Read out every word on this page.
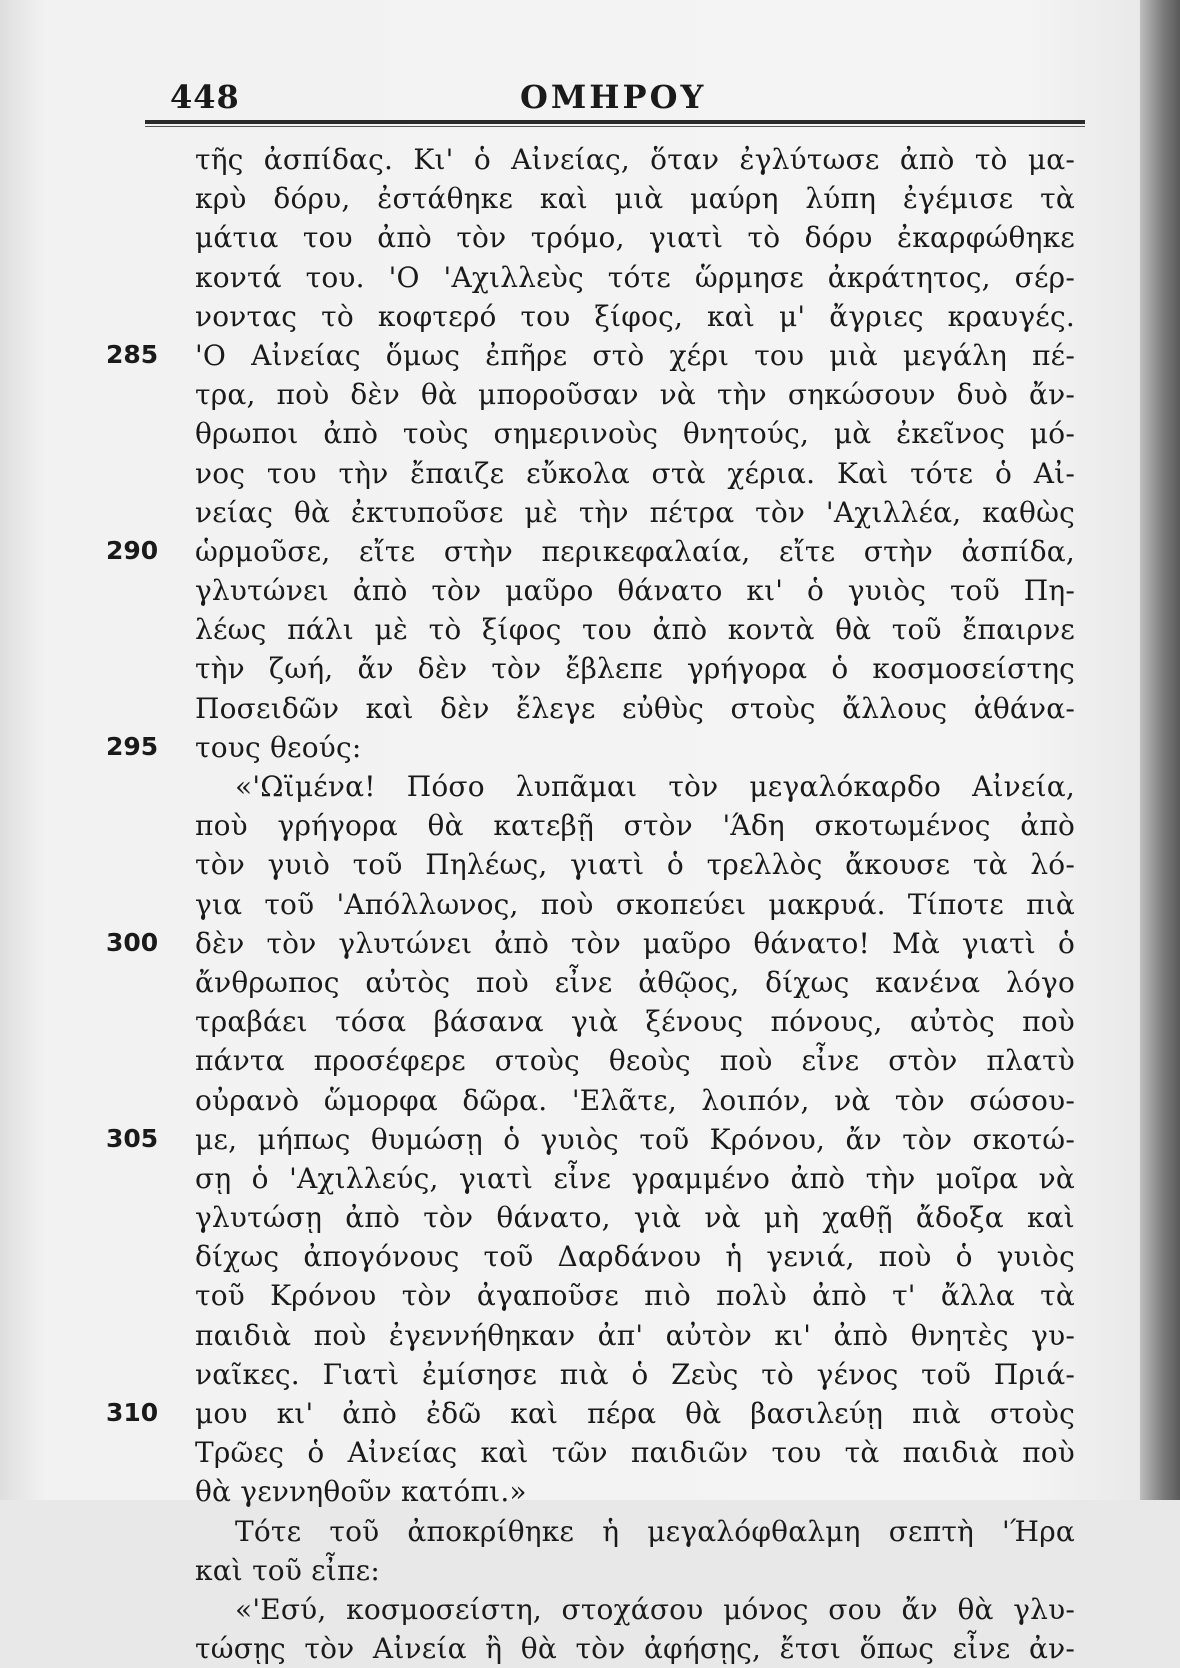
448	ΟΜΗΡΟΥ
285
290
295
300
305
310
τῆς ἀσπίδας. Κι' ὁ Αἰνείας, ὅταν ἐγλύτωσε ἀπὸ τὸ μα-
κρὺ δόρυ, ἐστάθηκε καὶ μιὰ μαύρη λύπη ἐγέμισε τὰ
μάτια του ἀπὸ τὸν τρόμο, γιατὶ τὸ δόρυ ἐκαρφώθηκε
κοντά του. 'Ο 'Αχιλλεὺς τότε ὥρμησε ἀκράτητος, σέρ-
νοντας τὸ κοφτερό του ξίφος, καὶ μ' ἄγριες κραυγές.
'Ο Αἰνείας ὅμως ἐπῆρε στὸ χέρι του μιὰ μεγάλη πέ-
τρα, ποὺ δὲν θὰ μποροῦσαν νὰ τὴν σηκώσουν δυὸ ἄν-
θρωποι ἀπὸ τοὺς σημερινοὺς θνητούς, μὰ ἐκεῖνος μό-
νος του τὴν ἔπαιζε εὔκολα στὰ χέρια. Καὶ τότε ὁ Αἰ-
νείας θὰ ἐκτυποῦσε μὲ τὴν πέτρα τὸν 'Αχιλλέα, καθὼς
ὡρμοῦσε, εἴτε στὴν περικεφαλαία, εἴτε στὴν ἀσπίδα,
γλυτώνει ἀπὸ τὸν μαῦρο θάνατο κι' ὁ γυιὸς τοῦ Πη-
λέως πάλι μὲ τὸ ξίφος του ἀπὸ κοντὰ θὰ τοῦ ἔπαιρνε
τὴν ζωή, ἄν δὲν τὸν ἔβλεπε γρήγορα ὁ κοσμοσείστης
Ποσειδῶν καὶ δὲν ἔλεγε εὐθὺς στοὺς ἄλλους ἀθάνα-
τους θεούς:
«'Ωϊμένα! Πόσο λυπᾶμαι τὸν μεγαλόκαρδο Αἰνεία,
ποὺ γρήγορα θὰ κατεβῇ στὸν 'Άδη σκοτωμένος ἀπὸ
τὸν γυιὸ τοῦ Πηλέως, γιατὶ ὁ τρελλὸς ἄκουσε τὰ λό-
για τοῦ 'Απόλλωνος, ποὺ σκοπεύει μακρυά. Τίποτε πιὰ
δὲν τὸν γλυτώνει ἀπὸ τὸν μαῦρο θάνατο! Μὰ γιατὶ ὁ
ἄνθρωπος αὐτὸς ποὺ εἶνε ἀθῷος, δίχως κανένα λόγο
τραβάει τόσα βάσανα γιὰ ξένους πόνους, αὐτὸς ποὺ
πάντα προσέφερε στοὺς θεοὺς ποὺ εἶνε στὸν πλατὺ
οὐρανὸ ὥμορφα δῶρα. 'Ελᾶτε, λοιπόν, νὰ τὸν σώσου-
με, μήπως θυμώσῃ ὁ γυιὸς τοῦ Κρόνου, ἄν τὸν σκοτώ-
σῃ ὁ 'Αχιλλεύς, γιατὶ εἶνε γραμμένο ἀπὸ τὴν μοῖρα νὰ
γλυτώσῃ ἀπὸ τὸν θάνατο, γιὰ νὰ μὴ χαθῇ ἄδοξα καὶ
δίχως ἀπογόνους τοῦ Δαρδάνου ἡ γενιά, ποὺ ὁ γυιὸς
τοῦ Κρόνου τὸν ἀγαποῦσε πιὸ πολὺ ἀπὸ τ' ἄλλα τὰ
παιδιὰ ποὺ ἐγεννήθηκαν ἀπ' αὐτὸν κι' ἀπὸ θνητὲς γυ-
ναῖκες. Γιατὶ ἐμίσησε πιὰ ὁ Ζεὺς τὸ γένος τοῦ Πριά-
μου κι' ἀπὸ ἐδῶ καὶ πέρα θὰ βασιλεύῃ πιὰ στοὺς
Τρῶες ὁ Αἰνείας καὶ τῶν παιδιῶν του τὰ παιδιὰ ποὺ
θὰ γεννηθοῦν κατόπι.»
Τότε τοῦ ἀποκρίθηκε ἡ μεγαλόφθαλμη σεπτὴ 'Ήρα
καὶ τοῦ εἶπε:
«'Εσύ, κοσμοσείστη, στοχάσου μόνος σου ἄν θὰ γλυ-
τώσῃς τὸν Αἰνεία ἢ θὰ τὸν ἀφήσῃς, ἔτσι ὅπως εἶνε ἀν-
